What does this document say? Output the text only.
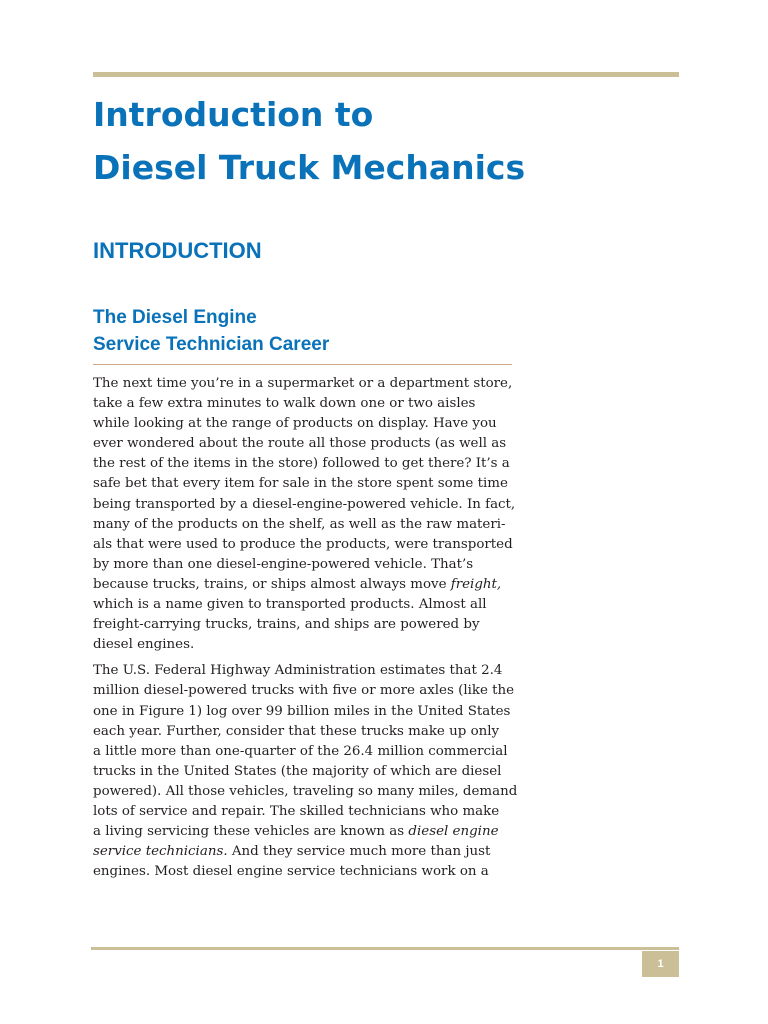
Introduction to
Diesel Truck Mechanics
INTRODUCTION
The Diesel Engine
Service Technician Career

The next time you’re in a supermarket or a department store,
take a few extra minutes to walk down one or two aisles
while looking at the range of products on display. Have you
ever wondered about the route all those products (as well as
the rest of the items in the store) followed to get there? It’s a
safe bet that every item for sale in the store spent some time
being transported by a diesel-engine-powered vehicle. In fact,
many of the products on the shelf, as well as the raw materi-
als that were used to produce the products, were transported
by more than one diesel-engine-powered vehicle. That’s
because trucks, trains, or ships almost always move freight,
which is a name given to transported products. Almost all
freight-carrying trucks, trains, and ships are powered by
diesel engines.

The U.S. Federal Highway Administration estimates that 2.4
million diesel-powered trucks with five or more axles (like the
one in Figure 1) log over 99 billion miles in the United States
each year. Further, consider that these trucks make up only
a little more than one-quarter of the 26.4 million commercial
trucks in the United States (the majority of which are diesel
powered). All those vehicles, traveling so many miles, demand
lots of service and repair. The skilled technicians who make
a living servicing these vehicles are known as diesel engine
service technicians. And they service much more than just
engines. Most diesel engine service technicians work on a

1
